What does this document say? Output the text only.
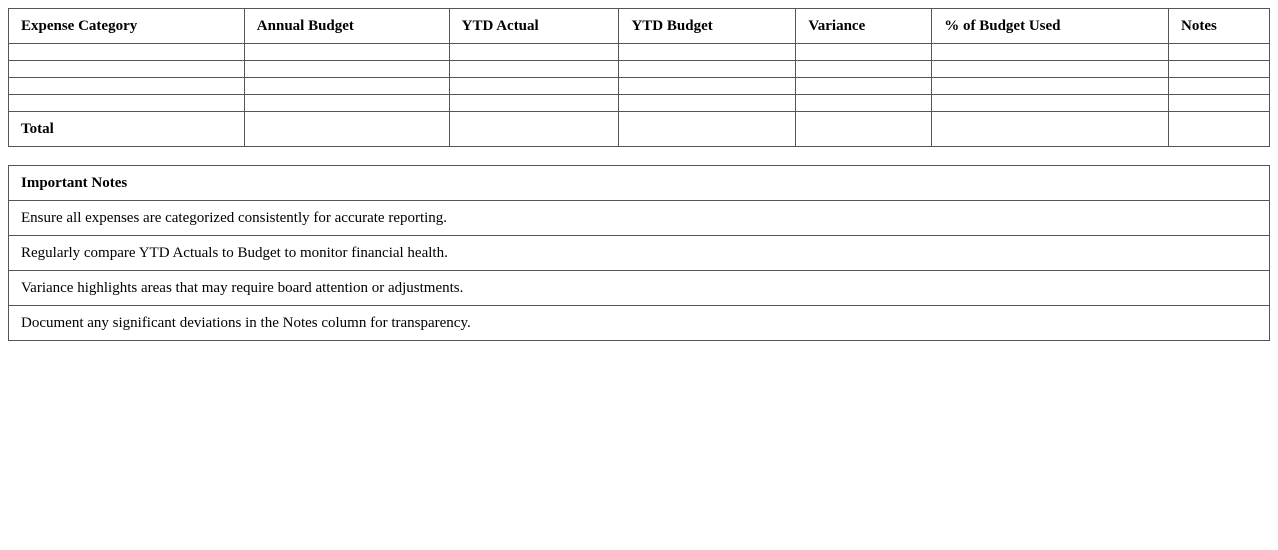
Expense Category	Annual Budget	YTD Actual	YTD Budget	Variance	% of Budget Used	Notes

Total						
Important Notes
Ensure all expenses are categorized consistently for accurate reporting.
Regularly compare YTD Actuals to Budget to monitor financial health.
Variance highlights areas that may require board attention or adjustments.
Document any significant deviations in the Notes column for transparency.
